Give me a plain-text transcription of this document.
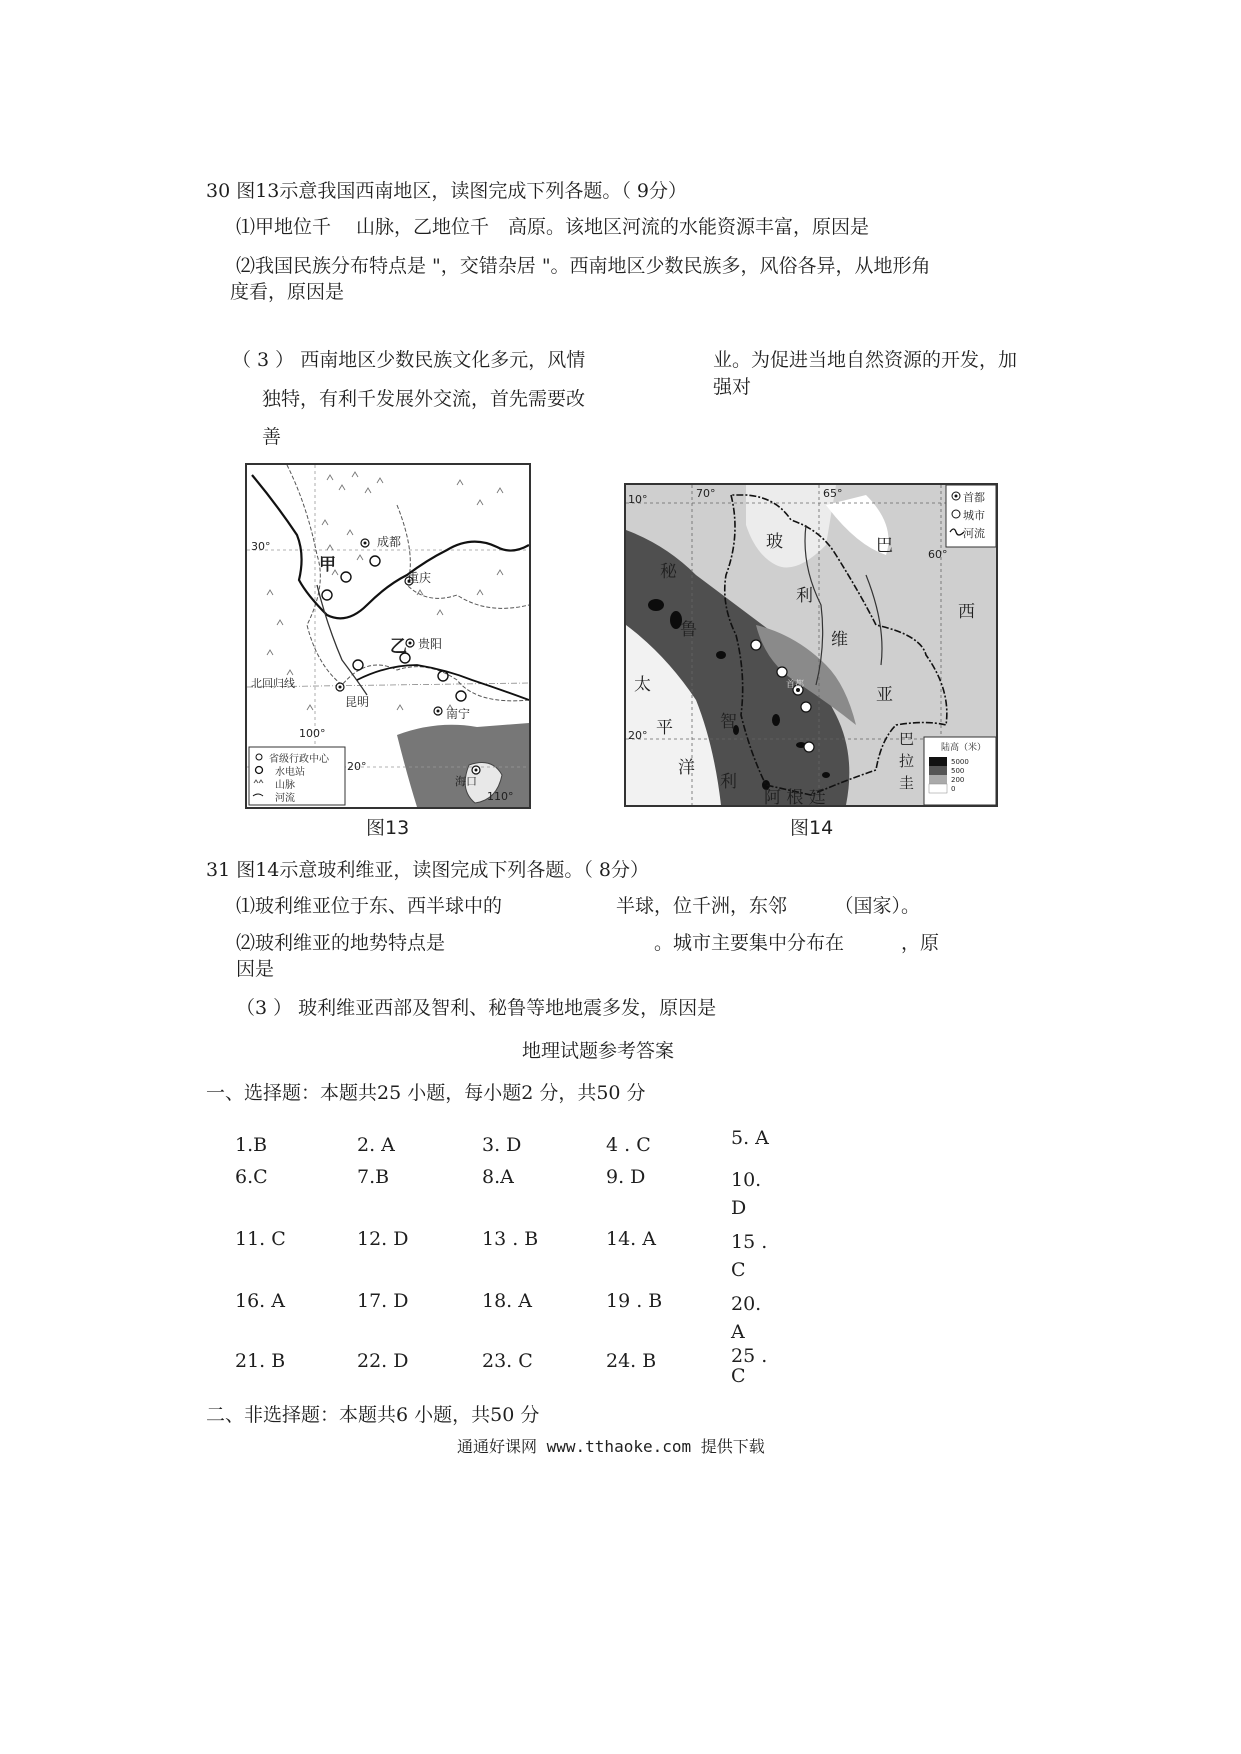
30 图13示意我国西南地区，读图完成下列各题。（ 9分）
⑴甲地位千　 山脉，乙地位千　高原。该地区河流的水能资源丰富，原因是
⑵我国民族分布特点是 "，交错杂居 "。西南地区少数民族多，风俗各异，从地形角
度看，原因是
（ 3 ） 西南地区少数民族文化多元，风情
独特，有利千发展外交流，首先需要改
善
业。为促进当地自然资源的开发，加
强对
成都
重庆
贵阳
昆明
南宁
海口
甲
乙
30°
20°
100°
110°
北回归线
省级行政中心
水电站
山脉
河流
图13
10°
20°
70°	65°
60°
玻
利
维
亚
巴
西
秘
鲁
智
利
太
平
洋
巴
拉
圭
阿 根 廷
首都
首都
城市
河流
陆高（米）
5000
500
200
0
图14
31 图14示意玻利维亚，读图完成下列各题。（ 8分）
⑴玻利维亚位于东、西半球中的　　　　　　半球，位千洲，东邻　　　（国家）。
⑵玻利维亚的地势特点是　　　　　　　　　　　。城市主要集中分布在　　　，原
因是
（3 ） 玻利维亚西部及智利、秘鲁等地地震多发，原因是
地理试题参考答案
一、选择题：本题共25 小题，每小题2 分，共50 分
1.B	2. A	3. D	4 . C	5. A
6.C	7.B	8.A	9. D	10.
D
11. C	12. D	13 . B	14. A	15 .
C
16. A	17. D	18. A	19 . B	20.
A
21. B	22. D	23. C	24. B	25 .
C
二、非选择题：本题共6 小题，共50 分
通通好课网 www.tthaoke.com 提供下载
